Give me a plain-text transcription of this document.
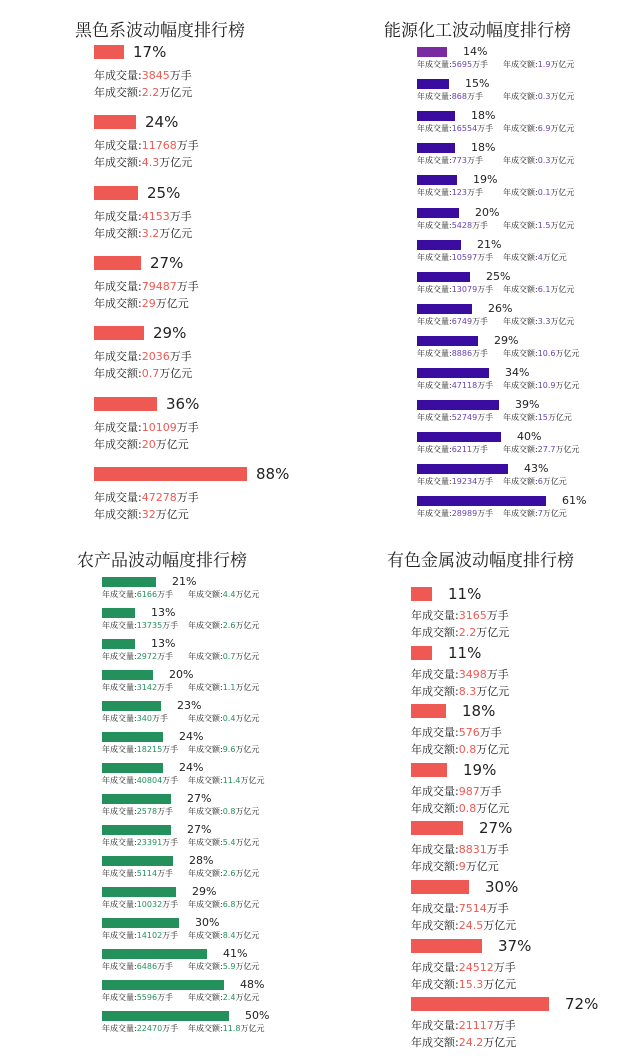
黑色系波动幅度排行榜
17%
年成交量:3845万手
年成交额:2.2万亿元
24%
年成交量:11768万手
年成交额:4.3万亿元
25%
年成交量:4153万手
年成交额:3.2万亿元
27%
年成交量:79487万手
年成交额:29万亿元
29%
年成交量:2036万手
年成交额:0.7万亿元
36%
年成交量:10109万手
年成交额:20万亿元
88%
年成交量:47278万手
年成交额:32万亿元
能源化工波动幅度排行榜
14%
年成交量:5695万手 年成交额:1.9万亿元
15%
年成交量:868万手	年成交额:0.3万亿元
18%
年成交量:16554万手 年成交额:6.9万亿元
18%
年成交量:773万手	年成交额:0.3万亿元
19%
年成交量:123万手	年成交额:0.1万亿元
20%
年成交量:5428万手 年成交额:1.5万亿元
21%
年成交量:10597万手 年成交额:4万亿元
25%
年成交量:13079万手 年成交额:6.1万亿元
26%
年成交量:6749万手 年成交额:3.3万亿元
29%
年成交量:8886万手 年成交额:10.6万亿元
34%
年成交量:47118万手 年成交额:10.9万亿元
39%
年成交量:52749万手 年成交额:15万亿元
40%
年成交量:6211万手 年成交额:27.7万亿元
43%
年成交量:19234万手 年成交额:6万亿元
61%
年成交量:28989万手 年成交额:7万亿元
农产品波动幅度排行榜
21%
年成交量:6166万手 年成交额:4.4万亿元
13%
年成交量:13735万手 年成交额:2.6万亿元
13%
年成交量:2972万手 年成交额:0.7万亿元
20%
年成交量:3142万手 年成交额:1.1万亿元
23%
年成交量:340万手	年成交额:0.4万亿元
24%
年成交量:18215万手 年成交额:9.6万亿元
24%
年成交量:40804万手 年成交额:11.4万亿元
27%
年成交量:2578万手 年成交额:0.8万亿元
27%
年成交量:23391万手 年成交额:5.4万亿元
28%
年成交量:5114万手 年成交额:2.6万亿元
29%
年成交量:10032万手 年成交额:6.8万亿元
30%
年成交量:14102万手 年成交额:8.4万亿元
41%
年成交量:6486万手 年成交额:5.9万亿元
48%
年成交量:5596万手 年成交额:2.4万亿元
50%
年成交量:22470万手 年成交额:11.8万亿元
有色金属波动幅度排行榜
11%
年成交量:3165万手
年成交额:2.2万亿元
11%
年成交量:3498万手
年成交额:8.3万亿元
18%
年成交量:576万手
年成交额:0.8万亿元
19%
年成交量:987万手
年成交额:0.8万亿元
27%
年成交量:8831万手
年成交额:9万亿元
30%
年成交量:7514万手
年成交额:24.5万亿元
37%
年成交量:24512万手
年成交额:15.3万亿元
72%
年成交量:21117万手
年成交额:24.2万亿元
